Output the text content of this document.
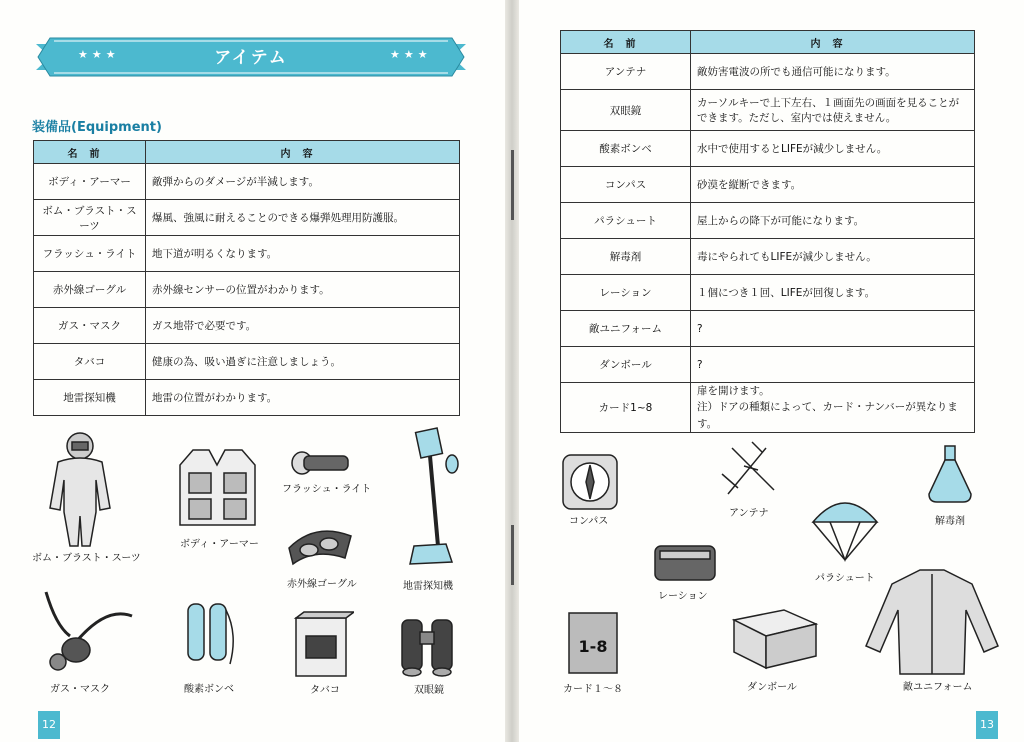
★★★	アイテム	★★★
装備品(Equipment)
名前	内容
ボディ・アーマー	敵弾からのダメージが半減します。
ボム・ブラスト・スーツ	爆風、強風に耐えることのできる爆弾処理用防護服。
フラッシュ・ライト	地下道が明るくなります。
赤外線ゴーグル	赤外線センサーの位置がわかります。
ガス・マスク	ガス地帯で必要です。
タバコ	健康の為、吸い過ぎに注意しましょう。
地雷探知機	地雷の位置がわかります。
ボム・ブラスト・スーツ
ボディ・アーマー
フラッシュ・ライト
赤外線ゴーグル	地雷探知機
ガス・マスク	酸素ボンベ	タバコ	双眼鏡
12
名前	内容
アンテナ	敵妨害電波の所でも通信可能になります。
双眼鏡	カーソルキーで上下左右、１画面先の画面を見ることができます。ただし、室内では使えません。
酸素ボンベ	水中で使用するとLIFEが減少しません。
コンパス	砂漠を縦断できます。
パラシュート	屋上からの降下が可能になります。
解毒剤	毒にやられてもLIFEが減少しません。
レーション	１個につき１回、LIFEが回復します。
敵ユニフォーム	?
ダンボール	?
カード1~8	扉を開けます。
注）ドアの種類によって、カード・ナンバーが異なります。
コンパス
アンテナ
解毒剤
レーション
パラシュート
1-8
カード１～８	ダンボール	敵ユニフォーム
13
